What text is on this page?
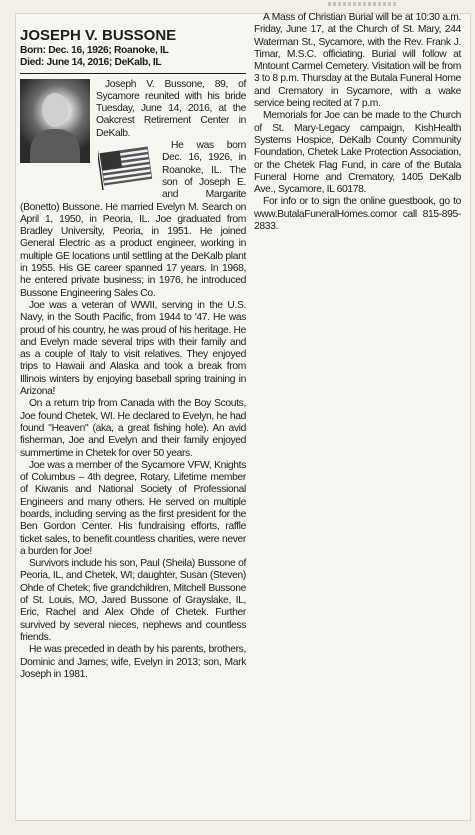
JOSEPH V. BUSSONE
Born: Dec. 16, 1926; Roanoke, IL
Died: June 14, 2016; DeKalb, IL

Joseph V. Bussone, 89, of Sycamore reunited with his bride Tuesday, June 14, 2016, at the Oakcrest Retirement Center in DeKalb.

He was born Dec. 16, 1926, in Roanoke, IL. The son of Joseph E. and Margarite (Bonetto) Bussone. He married Evelyn M. Search on April 1, 1950, in Peoria, IL. Joe graduated from Bradley University, Peoria, in 1951. He joined General Electric as a product engineer, working in multiple GE locations until settling at the DeKalb plant in 1955. His GE career spanned 17 years. In 1968, he entered private business; in 1976, he introduced Bussone Engineering Sales Co.

Joe was a veteran of WWII, serving in the U.S. Navy, in the South Pacific, from 1944 to '47. He was proud of his country, he was proud of his heritage. He and Evelyn made several trips with their family and as a couple of Italy to visit relatives. They enjoyed trips to Hawaii and Alaska and took a break from Illinois winters by enjoying baseball spring training in Arizona!

On a return trip from Canada with the Boy Scouts, Joe found Chetek, WI. He declared to Evelyn, he had found "Heaven" (aka, a great fishing hole). An avid fisherman, Joe and Evelyn and their family enjoyed summertime in Chetek for over 50 years.

Joe was a member of the Sycamore VFW, Knights of Columbus – 4th degree, Rotary, Lifetime member of Kiwanis and National Society of Professional Engineers and many others. He served on multiple boards, including serving as the first president for the Ben Gordon Center. His fundraising efforts, raffle ticket sales, to benefit countless charities, were never a burden for Joe!

Survivors include his son, Paul (Sheila) Bussone of Peoria, IL, and Chetek, WI; daughter, Susan (Steven) Ohde of Chetek; five grandchildren, Mitchell Bussone of St. Louis, MO, Jared Bussone of Grayslake, IL, Eric, Rachel and Alex Ohde of Chetek. Further survived by several nieces, nephews and countless friends.

He was preceded in death by his parents, brothers, Dominic and James; wife, Evelyn in 2013; son, Mark Joseph in 1981.

A Mass of Christian Burial will be at 10:30 a.m. Friday, June 17, at the Church of St. Mary, 244 Waterman St., Sycamore, with the Rev. Frank J. Timar, M.S.C. officiating. Burial will follow at Mntount Carmel Cemetery. Visitation will be from 3 to 8 p.m. Thursday at the Butala Funeral Home and Crematory in Sycamore, with a wake service being recited at 7 p.m.

Memorials for Joe can be made to the Church of St. Mary-Legacy campaign, KishHealth Systems Hospice, DeKalb County Community Foundation, Chetek Lake Protection Association, or the Chetek Flag Fund, in care of the Butala Funeral Home and Crematory, 1405 DeKalb Ave., Sycamore, IL 60178.

For info or to sign the online guestbook, go to www.ButalaFuneralHomes.comor call 815-895-2833.
